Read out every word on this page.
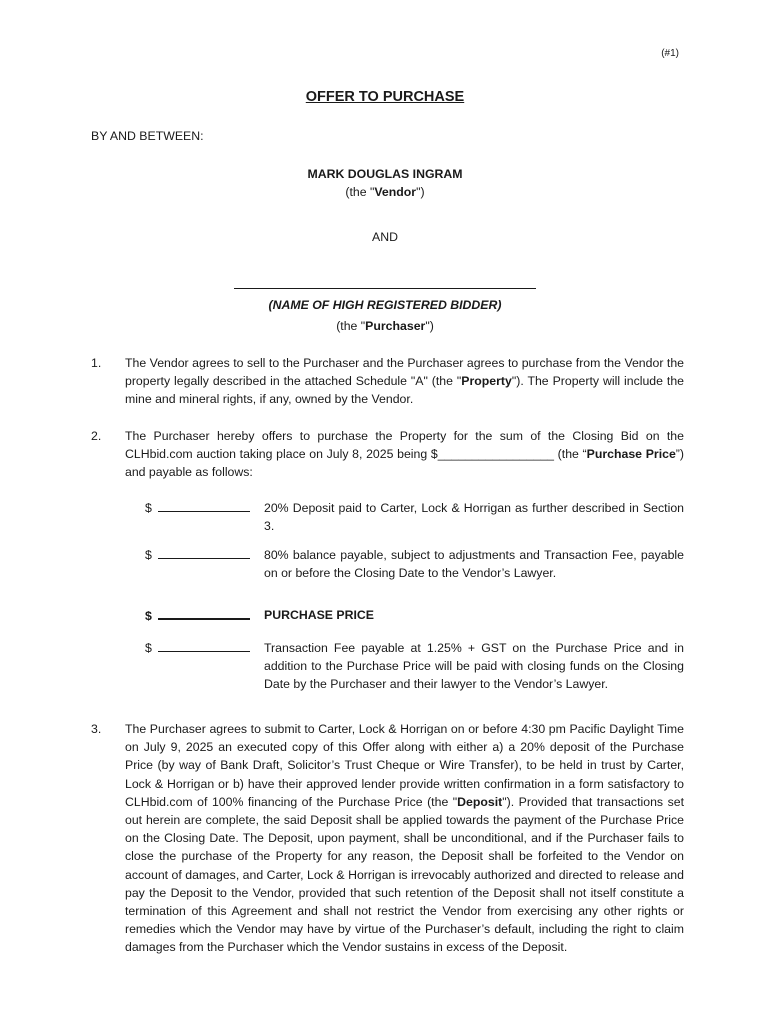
(#1)
OFFER TO PURCHASE
BY AND BETWEEN:
MARK DOUGLAS INGRAM
(the "Vendor")
AND
(NAME OF HIGH REGISTERED BIDDER)
(the "Purchaser")
1. The Vendor agrees to sell to the Purchaser and the Purchaser agrees to purchase from the Vendor the property legally described in the attached Schedule "A" (the "Property"). The Property will include the mine and mineral rights, if any, owned by the Vendor.
2. The Purchaser hereby offers to purchase the Property for the sum of the Closing Bid on the CLHbid.com auction taking place on July 8, 2025 being $_________________ (the “Purchase Price”) and payable as follows:
$	20% Deposit paid to Carter, Lock & Horrigan as further described in Section 3.
$	80% balance payable, subject to adjustments and Transaction Fee, payable on or before the Closing Date to the Vendor’s Lawyer.
$	PURCHASE PRICE
$	Transaction Fee payable at 1.25% + GST on the Purchase Price and in addition to the Purchase Price will be paid with closing funds on the Closing Date by the Purchaser and their lawyer to the Vendor’s Lawyer.
3. The Purchaser agrees to submit to Carter, Lock & Horrigan on or before 4:30 pm Pacific Daylight Time on July 9, 2025 an executed copy of this Offer along with either a) a 20% deposit of the Purchase Price (by way of Bank Draft, Solicitor’s Trust Cheque or Wire Transfer), to be held in trust by Carter, Lock & Horrigan or b) have their approved lender provide written confirmation in a form satisfactory to CLHbid.com of 100% financing of the Purchase Price (the "Deposit"). Provided that transactions set out herein are complete, the said Deposit shall be applied towards the payment of the Purchase Price on the Closing Date. The Deposit, upon payment, shall be unconditional, and if the Purchaser fails to close the purchase of the Property for any reason, the Deposit shall be forfeited to the Vendor on account of damages, and Carter, Lock & Horrigan is irrevocably authorized and directed to release and pay the Deposit to the Vendor, provided that such retention of the Deposit shall not itself constitute a termination of this Agreement and shall not restrict the Vendor from exercising any other rights or remedies which the Vendor may have by virtue of the Purchaser’s default, including the right to claim damages from the Purchaser which the Vendor sustains in excess of the Deposit.
